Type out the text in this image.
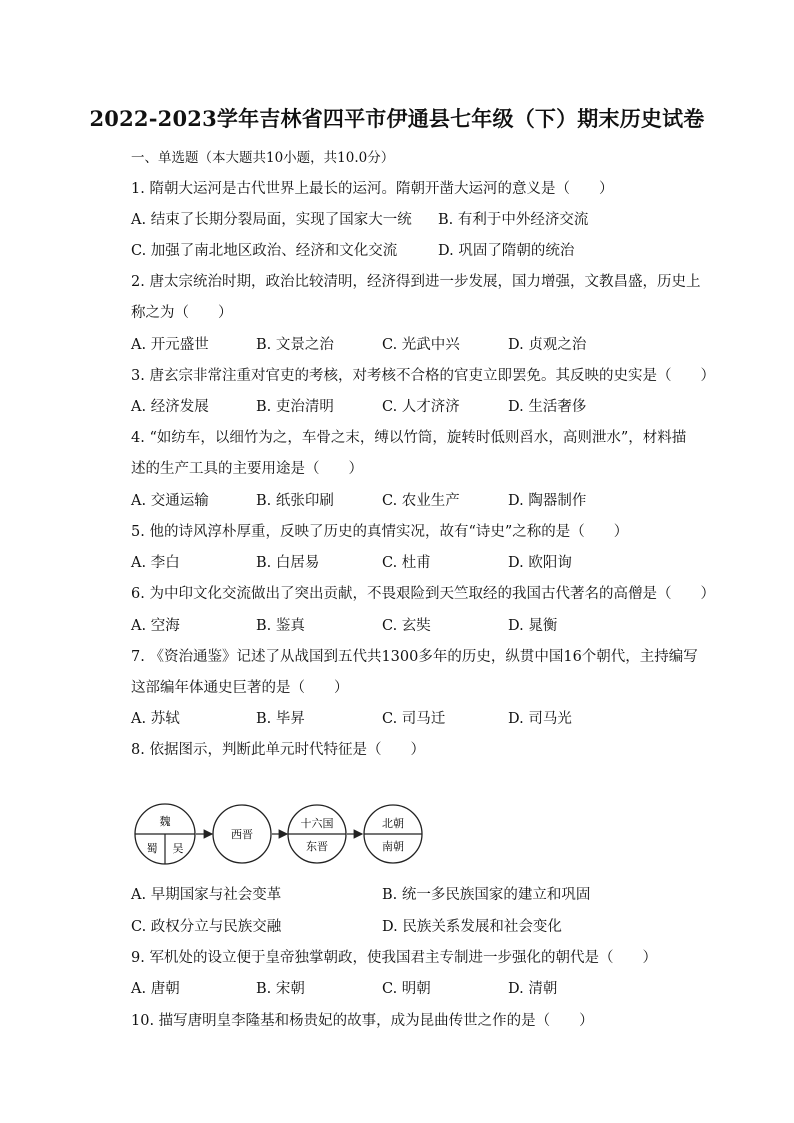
2022-2023学年吉林省四平市伊通县七年级（下）期末历史试卷
一、单选题（本大题共10小题，共10.0分）
1. 隋朝大运河是古代世界上最长的运河。隋朝开凿大运河的意义是（　　）
A. 结束了长期分裂局面，实现了国家大一统 B. 有利于中外经济交流
C. 加强了南北地区政治、经济和文化交流	D. 巩固了隋朝的统治
2. 唐太宗统治时期，政治比较清明，经济得到进一步发展，国力增强，文教昌盛，历史上
称之为（　　）
A. 开元盛世	B. 文景之治	C. 光武中兴	D. 贞观之治
3. 唐玄宗非常注重对官吏的考核，对考核不合格的官吏立即罢免。其反映的史实是（　　）
A. 经济发展	B. 吏治清明	C. 人才济济	D. 生活奢侈
4. “如纺车，以细竹为之，车骨之末，缚以竹筒，旋转时低则舀水，高则泄水”，材料描
述的生产工具的主要用途是（　　）
A. 交通运输	B. 纸张印刷	C. 农业生产	D. 陶器制作
5. 他的诗风淳朴厚重，反映了历史的真情实况，故有“诗史”之称的是（　　）
A. 李白	B. 白居易	C. 杜甫	D. 欧阳询
6. 为中印文化交流做出了突出贡献，不畏艰险到天竺取经的我国古代著名的高僧是（　　）
A. 空海	B. 鉴真	C. 玄奘	D. 晁衡
7. 《资治通鉴》记述了从战国到五代共1300多年的历史，纵贯中国16个朝代，主持编写
这部编年体通史巨著的是（　　）
A. 苏轼	B. 毕昇	C. 司马迁	D. 司马光
8. 依据图示，判断此单元时代特征是（　　）
魏
蜀 吴
西晋
十六国
东晋
北朝
南朝
A. 早期国家与社会变革	B. 统一多民族国家的建立和巩固
C. 政权分立与民族交融	D. 民族关系发展和社会变化
9. 军机处的设立便于皇帝独掌朝政，使我国君主专制进一步强化的朝代是（　　）
A. 唐朝	B. 宋朝	C. 明朝	D. 清朝
10. 描写唐明皇李隆基和杨贵妃的故事，成为昆曲传世之作的是（　　）
